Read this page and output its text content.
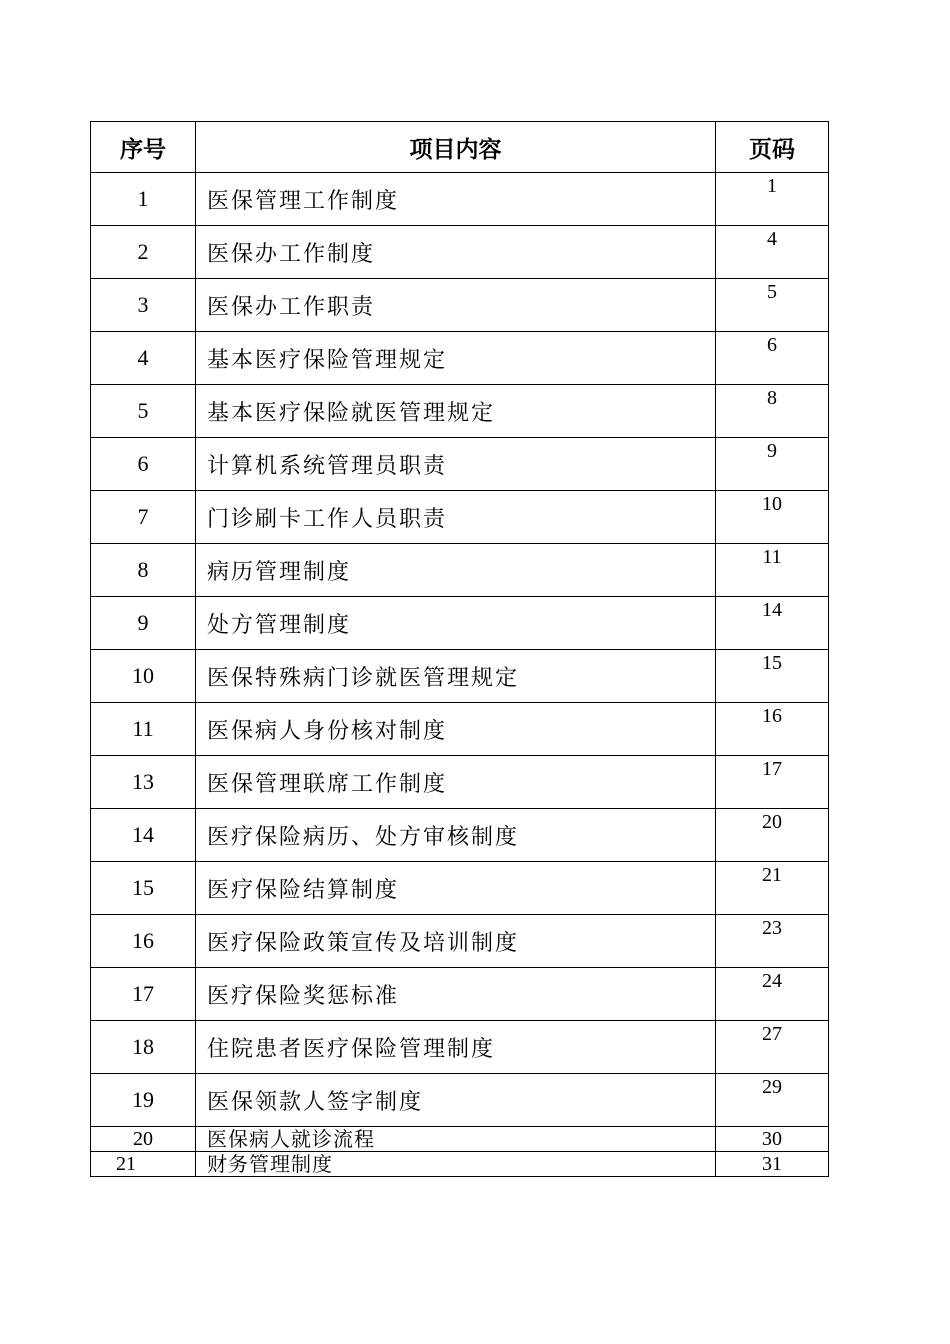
序号	项目内容	页码
1	医保管理工作制度	1
2	医保办工作制度	4
3	医保办工作职责	5
4	基本医疗保险管理规定	6
5	基本医疗保险就医管理规定	8
6	计算机系统管理员职责	9
7	门诊刷卡工作人员职责	10
8	病历管理制度	11
9	处方管理制度	14
10	医保特殊病门诊就医管理规定	15
11	医保病人身份核对制度	16
13	医保管理联席工作制度	17
14	医疗保险病历、处方审核制度	20
15	医疗保险结算制度	21
16	医疗保险政策宣传及培训制度	23
17	医疗保险奖惩标准	24
18	住院患者医疗保险管理制度	27
19	医保领款人签字制度	29
20	医保病人就诊流程	30
21	财务管理制度	31
